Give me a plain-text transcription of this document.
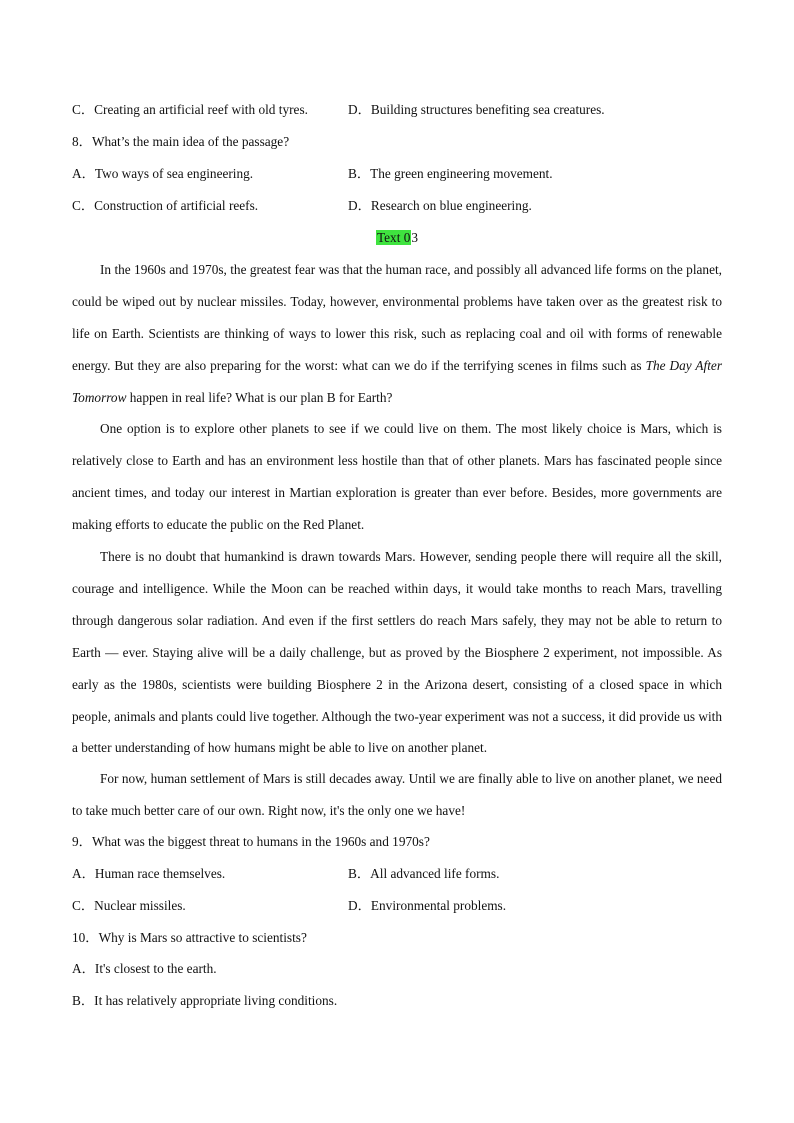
C．Creating an artificial reef with old tyres.	D．Building structures benefiting sea creatures.
8．What’s the main idea of the passage?
A．Two ways of sea engineering.	B．The green engineering movement.
C．Construction of artificial reefs.	D．Research on blue engineering.
Text 03
In the 1960s and 1970s, the greatest fear was that the human race, and possibly all advanced life forms on the planet, could be wiped out by nuclear missiles. Today, however, environmental problems have taken over as the greatest risk to life on Earth. Scientists are thinking of ways to lower this risk, such as replacing coal and oil with forms of renewable energy. But they are also preparing for the worst: what can we do if the terrifying scenes in films such as The Day After Tomorrow happen in real life? What is our plan B for Earth?
One option is to explore other planets to see if we could live on them. The most likely choice is Mars, which is relatively close to Earth and has an environment less hostile than that of other planets. Mars has fascinated people since ancient times, and today our interest in Martian exploration is greater than ever before. Besides, more governments are making efforts to educate the public on the Red Planet.
There is no doubt that humankind is drawn towards Mars. However, sending people there will require all the skill, courage and intelligence. While the Moon can be reached within days, it would take months to reach Mars, travelling through dangerous solar radiation. And even if the first settlers do reach Mars safely, they may not be able to return to Earth — ever. Staying alive will be a daily challenge, but as proved by the Biosphere 2 experiment, not impossible. As early as the 1980s, scientists were building Biosphere 2 in the Arizona desert, consisting of a closed space in which people, animals and plants could live together. Although the two-year experiment was not a success, it did provide us with a better understanding of how humans might be able to live on another planet.
For now, human settlement of Mars is still decades away. Until we are finally able to live on another planet, we need to take much better care of our own. Right now, it's the only one we have!
9．What was the biggest threat to humans in the 1960s and 1970s?
A．Human race themselves.	B．All advanced life forms.
C．Nuclear missiles.	D．Environmental problems.
10．Why is Mars so attractive to scientists?
A．It's closest to the earth.
B．It has relatively appropriate living conditions.
